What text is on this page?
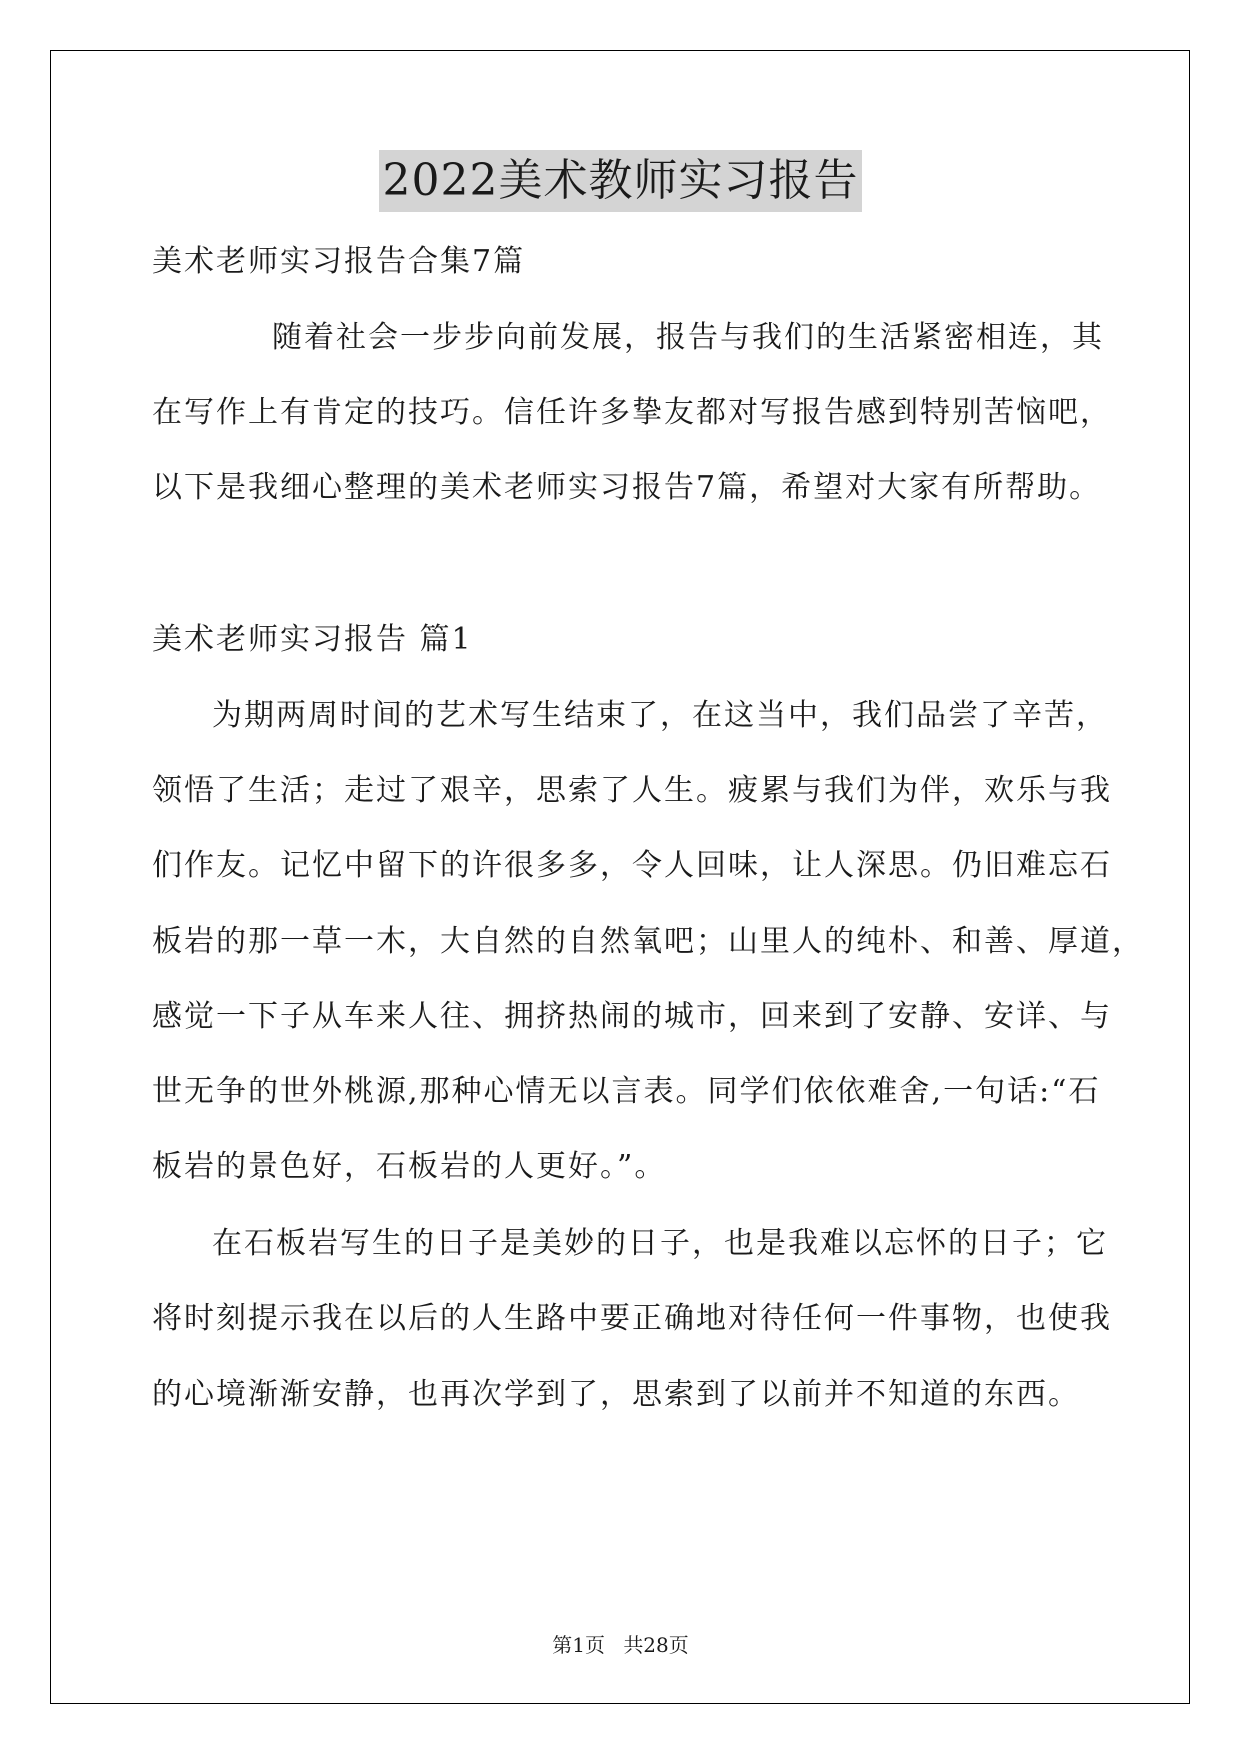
2022美术教师实习报告
美术老师实习报告合集7篇
随着社会一步步向前发展，报告与我们的生活紧密相连，其
在写作上有肯定的技巧。信任许多挚友都对写报告感到特别苦恼吧，
以下是我细心整理的美术老师实习报告7篇，希望对大家有所帮助。
美术老师实习报告 篇1
为期两周时间的艺术写生结束了，在这当中，我们品尝了辛苦，
领悟了生活；走过了艰辛，思索了人生。疲累与我们为伴，欢乐与我
们作友。记忆中留下的许很多多，令人回味，让人深思。仍旧难忘石
板岩的那一草一木，大自然的自然氧吧；山里人的纯朴、和善、厚道，
感觉一下子从车来人往、拥挤热闹的城市，回来到了安静、安详、与
世无争的世外桃源,那种心情无以言表。同学们依依难舍,一句话:“石
板岩的景色好，石板岩的人更好。”。
在石板岩写生的日子是美妙的日子，也是我难以忘怀的日子；它
将时刻提示我在以后的人生路中要正确地对待任何一件事物，也使我
的心境渐渐安静，也再次学到了，思索到了以前并不知道的东西。
第1页 共28页
